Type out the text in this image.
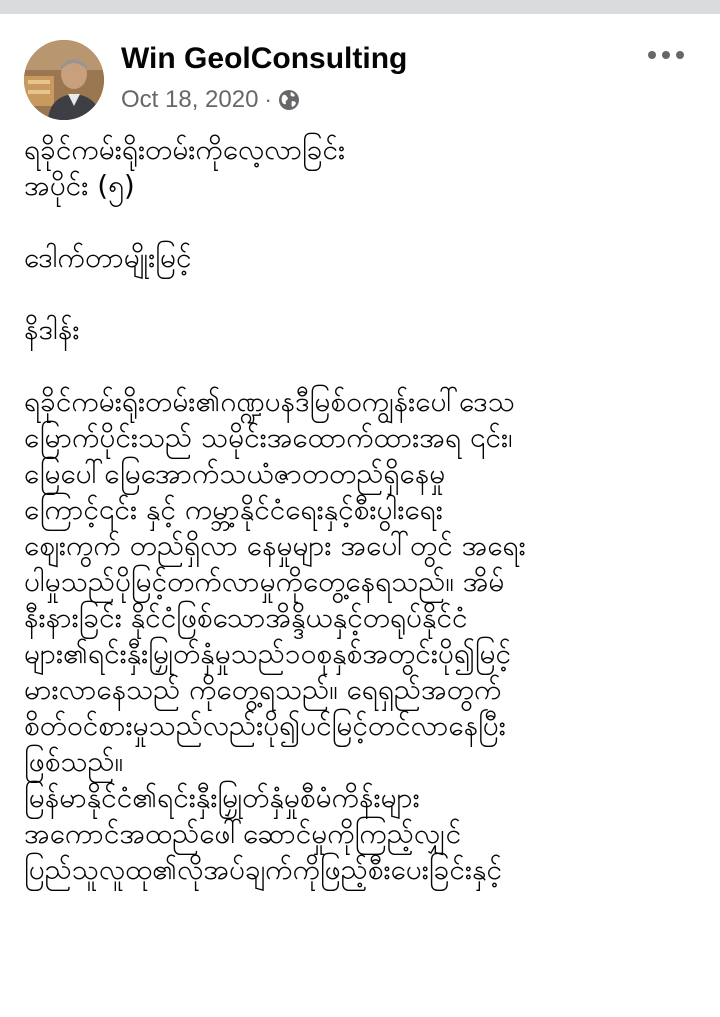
Win GeolConsulting
Oct 18, 2020 ·

ရခိုင်ကမ်းရိုးတမ်းကိုလေ့လာခြင်း
အပိုင်း (၅)

ဒေါက်တာမျိုးမြင့်

နိဒါန်း

ရခိုင်ကမ်းရိုးတမ်း၏ဂဏ္ဍပနဒီမြစ်ဝကျွန်းပေါ်ဒေသ
မြောက်ပိုင်းသည် သမိုင်းအထောက်ထားအရ ၎င်း၊
မြေပေါ်မြေအောက်သယံဇာတတည်ရှိနေမှု
ကြောင့်၎င်း နှင့် ကမ္ဘာ့နိုင်ငံရေးနှင့်စီးပွါးရေး
ဈေးကွက် တည်ရှိလာ နေမှုများ အပေါ်တွင် အရေး
ပါမှုသည်ပိုမြင့်တက်လာမှုကိုတွေ့နေရသည်။ အိမ်
နီးနားခြင်း နိုင်ငံဖြစ်သောအိန္ဒိယနှင့်တရုပ်နိုင်ငံ
များ၏ရင်းနှီးမြှုတ်နှံမှုသည်၁၀စုနှစ်အတွင်းပို၍မြင့်
မားလာနေသည် ကိုတွေ့ရသည်။ ရေရှည်အတွက်
စိတ်ဝင်စားမှုသည်လည်းပို၍ပင်မြင့်တင်လာနေပြီး
ဖြစ်သည်။

မြန်မာနိုင်ငံ၏ရင်းနှီးမြှုတ်နှံမှုစီမံကိန်းများ
အကောင်အထည်ဖေါ်ဆောင်မှုကိုကြည့်လျှင်
ပြည်သူလူထု၏လိုအပ်ချက်ကိုဖြည့်စီးပေးခြင်းနှင့်
